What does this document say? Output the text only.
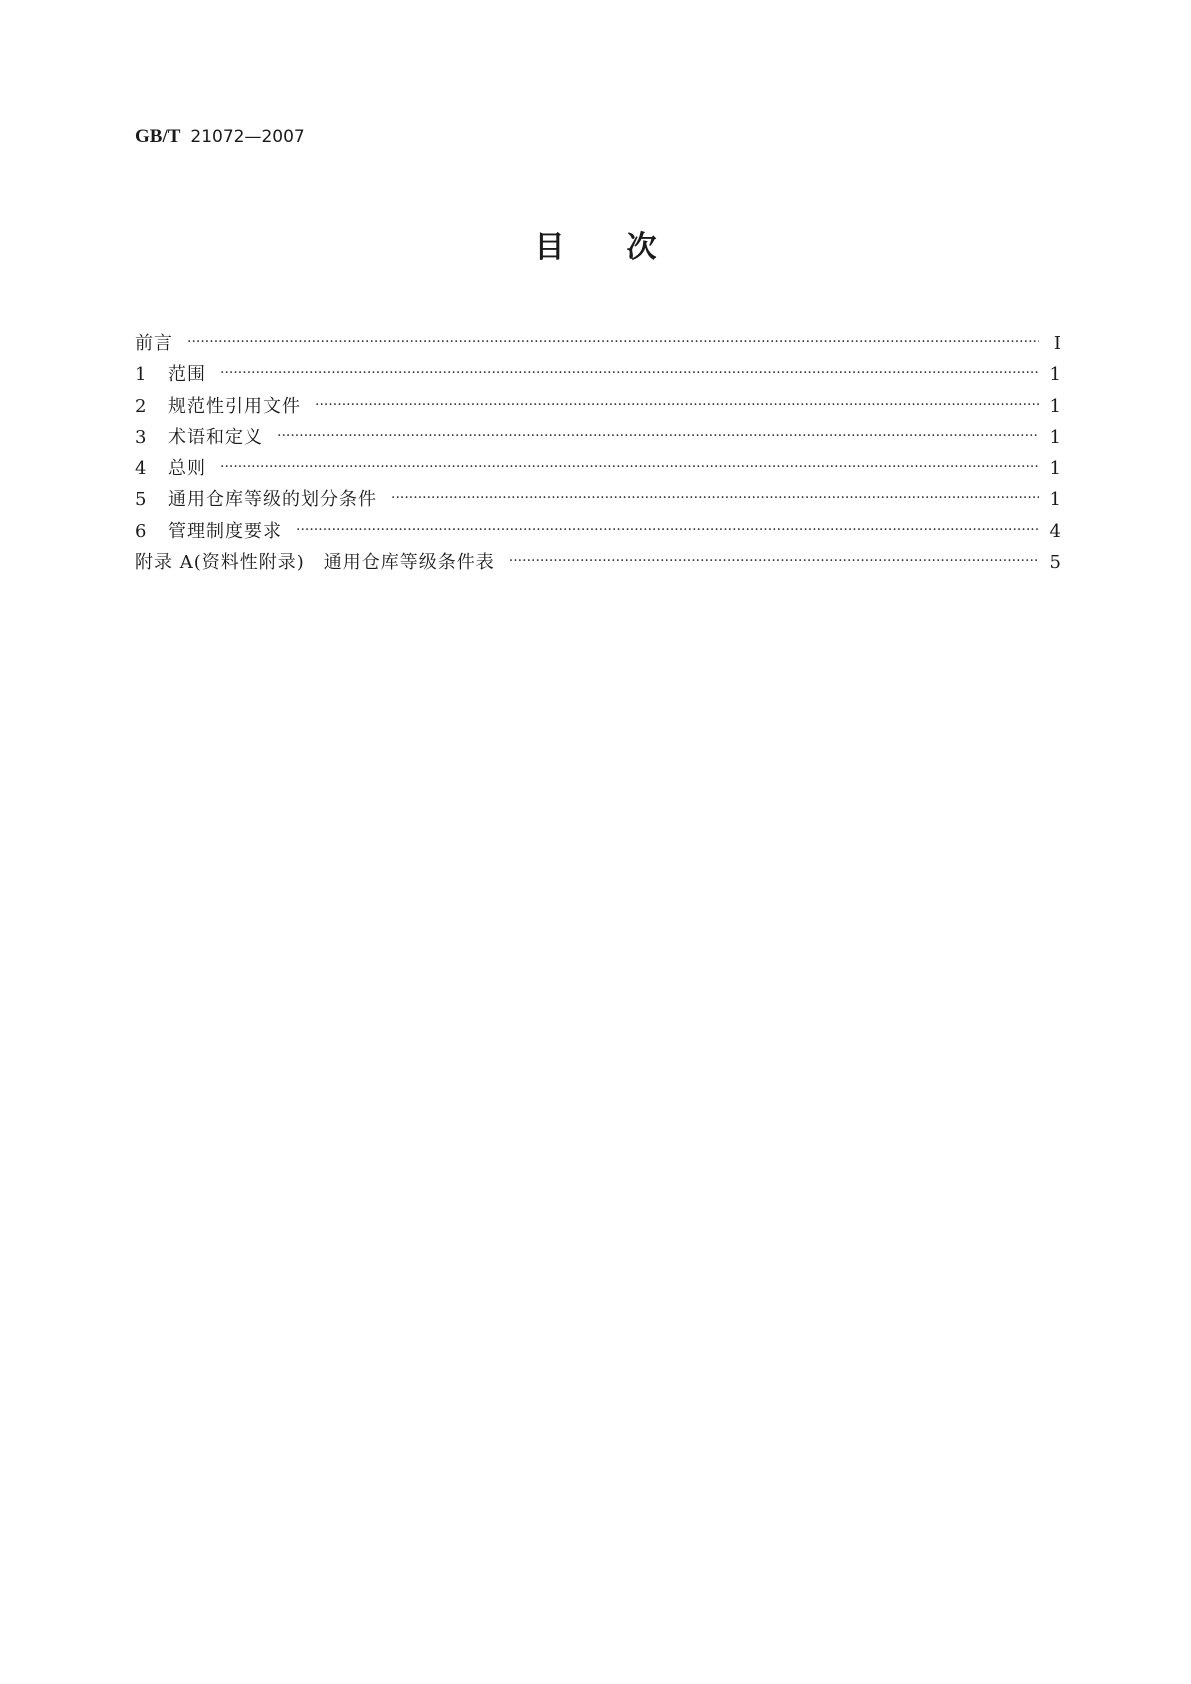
GB/T 21072—2007
目 次
前言 ·····	Ⅰ
1	范围 ·····	1
2	规范性引用文件 ·····	1
3	术语和定义 ·····	1
4	总则 ·····	1
5	通用仓库等级的划分条件 ·····	1
6	管理制度要求 ·····	4
附录 A(资料性附录)　通用仓库等级条件表 ·····	5
